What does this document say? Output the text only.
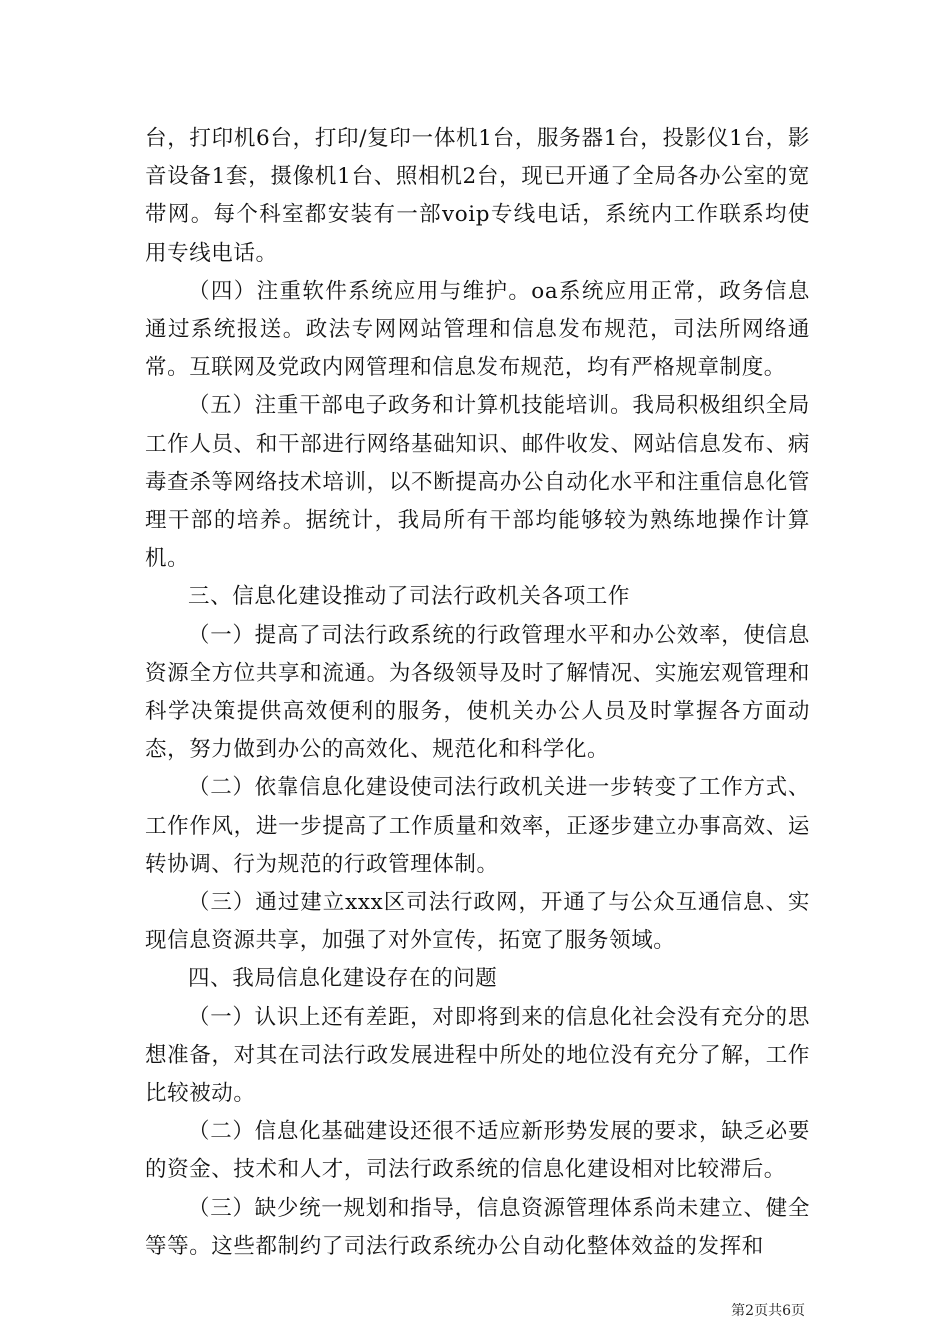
台，打印机6台，打印/复印一体机1台，服务器1台，投影仪1台，影音设备1套，摄像机1台、照相机2台，现已开通了全局各办公室的宽带网。每个科室都安装有一部voip专线电话，系统内工作联系均使用专线电话。

（四）注重软件系统应用与维护。oa系统应用正常，政务信息通过系统报送。政法专网网站管理和信息发布规范，司法所网络通常。互联网及党政内网管理和信息发布规范，均有严格规章制度。

（五）注重干部电子政务和计算机技能培训。我局积极组织全局工作人员、和干部进行网络基础知识、邮件收发、网站信息发布、病毒查杀等网络技术培训，以不断提高办公自动化水平和注重信息化管理干部的培养。据统计，我局所有干部均能够较为熟练地操作计算机。

三、信息化建设推动了司法行政机关各项工作

（一）提高了司法行政系统的行政管理水平和办公效率，使信息资源全方位共享和流通。为各级领导及时了解情况、实施宏观管理和科学决策提供高效便利的服务，使机关办公人员及时掌握各方面动态，努力做到办公的高效化、规范化和科学化。

（二）依靠信息化建设使司法行政机关进一步转变了工作方式、工作作风，进一步提高了工作质量和效率，正逐步建立办事高效、运转协调、行为规范的行政管理体制。

（三）通过建立xxx区司法行政网，开通了与公众互通信息、实现信息资源共享，加强了对外宣传，拓宽了服务领域。

四、我局信息化建设存在的问题

（一）认识上还有差距，对即将到来的信息化社会没有充分的思想准备，对其在司法行政发展进程中所处的地位没有充分了解，工作比较被动。

（二）信息化基础建设还很不适应新形势发展的要求，缺乏必要的资金、技术和人才，司法行政系统的信息化建设相对比较滞后。

（三）缺少统一规划和指导，信息资源管理体系尚未建立、健全等等。这些都制约了司法行政系统办公自动化整体效益的发挥和

第2页共6页
